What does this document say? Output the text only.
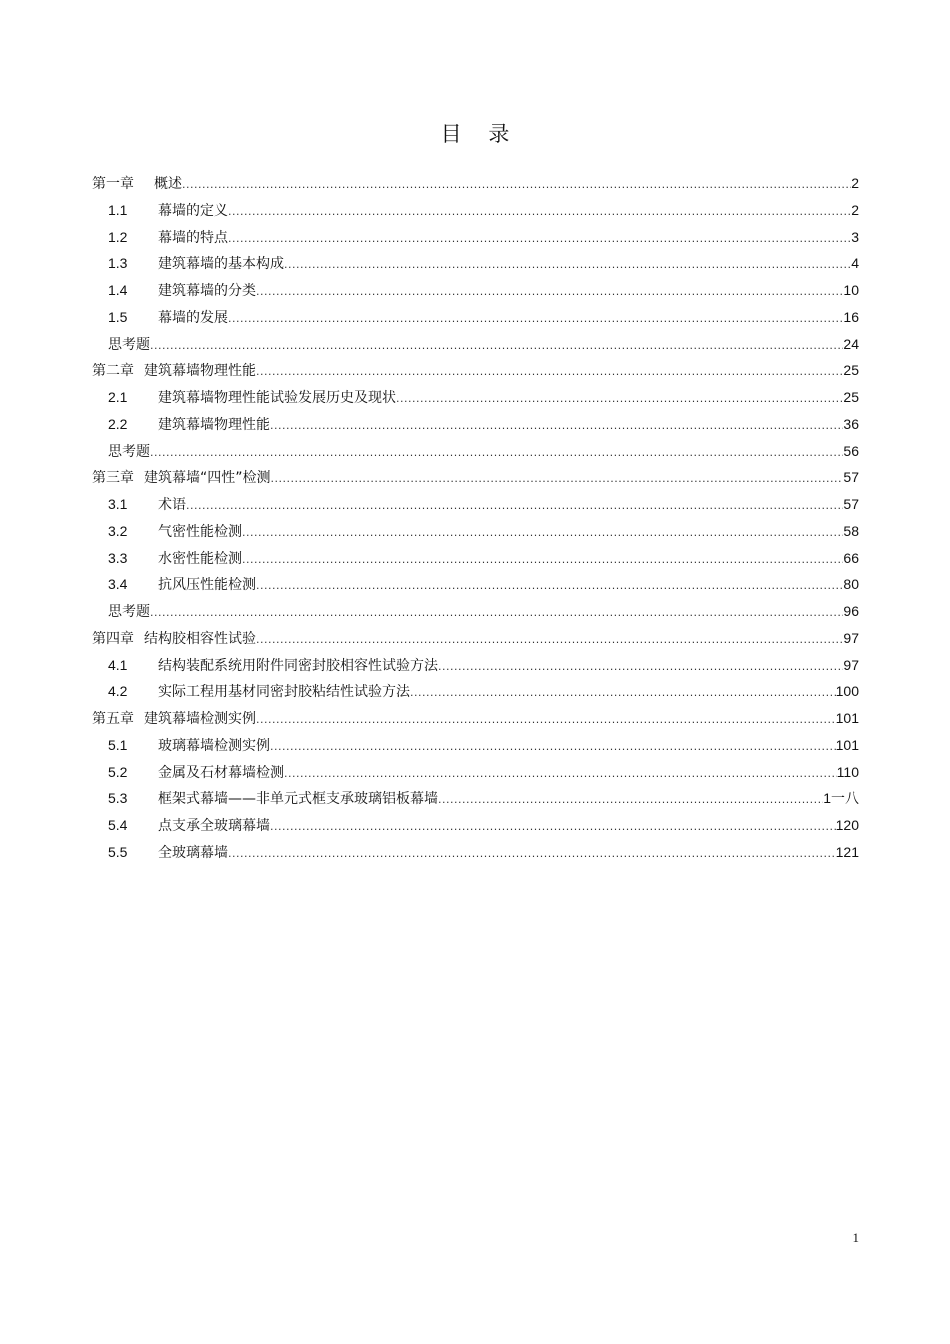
目 录
第一章 概述 .....	2
1.1	幕墙的定义 .....	2
1.2	幕墙的特点 .....	3
1.3	建筑幕墙的基本构成 .....	4
1.4	建筑幕墙的分类 .....	10
1.5	幕墙的发展 .....	16
思考题 .....	24
第二章 建筑幕墙物理性能 .....	25
2.1	建筑幕墙物理性能试验发展历史及现状 .....	25
2.2	建筑幕墙物理性能 .....	36
思考题 .....	56
第三章 建筑幕墙“四性”检测 .....	57
3.1	术语 .....	57
3.2	气密性能检测 .....	58
3.3	水密性能检测 .....	66
3.4	抗风压性能检测 .....	80
思考题 .....	96
第四章 结构胶相容性试验 .....	97
4.1	结构装配系统用附件同密封胶相容性试验方法 .....	97
4.2	实际工程用基材同密封胶粘结性试验方法 .....	100
第五章 建筑幕墙检测实例 .....	101
5.1	玻璃幕墙检测实例 .....	101
5.2	金属及石材幕墙检测 .....	110
5.3	框架式幕墙——非单元式框支承玻璃铝板幕墙 .....	1一八
5.4	点支承全玻璃幕墙 .....	120
5.5	全玻璃幕墙 .....	121
1
